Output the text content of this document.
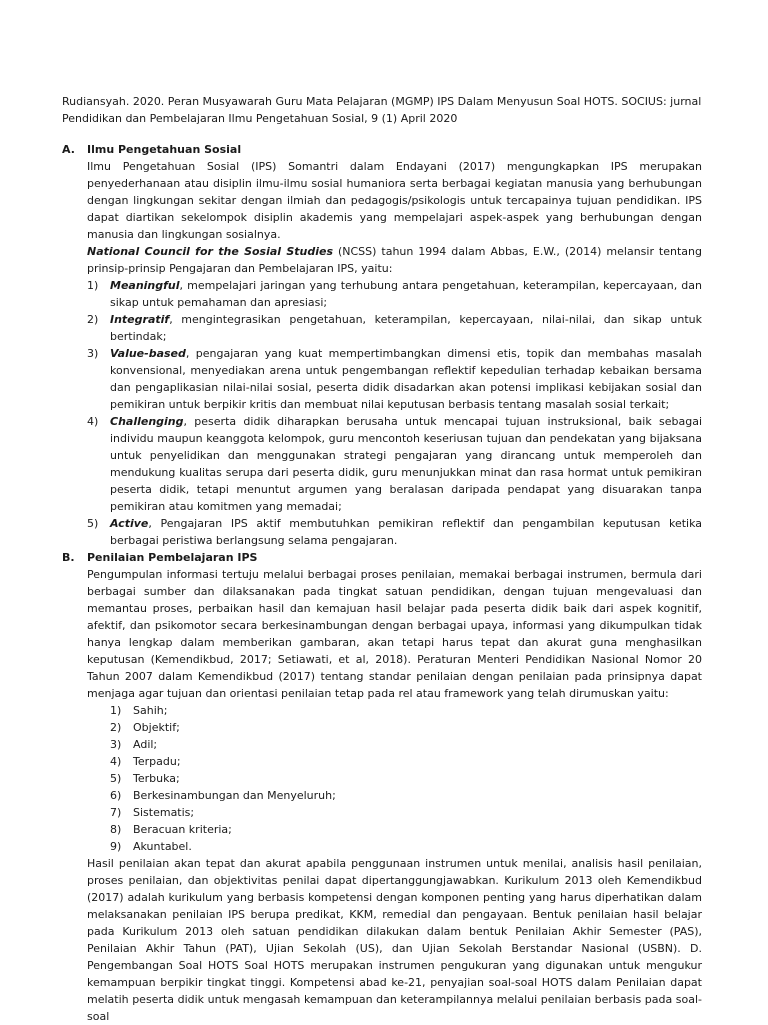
Rudiansyah. 2020. Peran Musyawarah Guru Mata Pelajaran (MGMP) IPS Dalam Menyusun Soal HOTS. SOCIUS: jurnal Pendidikan dan Pembelajaran Ilmu Pengetahuan Sosial, 9 (1) April 2020
A.	Ilmu Pengetahuan Sosial

Ilmu Pengetahuan Sosial (IPS) Somantri dalam Endayani (2017) mengungkapkan IPS merupakan penyederhanaan atau disiplin ilmu-ilmu sosial humaniora serta berbagai kegiatan manusia yang berhubungan dengan lingkungan sekitar dengan ilmiah dan pedagogis/psikologis untuk tercapainya tujuan pendidikan. IPS dapat diartikan sekelompok disiplin akademis yang mempelajari aspek-aspek yang berhubungan dengan manusia dan lingkungan sosialnya.

National Council for the Sosial Studies (NCSS) tahun 1994 dalam Abbas, E.W., (2014) melansir tentang prinsip-prinsip Pengajaran dan Pembelajaran IPS, yaitu:

1)	Meaningful, mempelajari jaringan yang terhubung antara pengetahuan, keterampilan, kepercayaan, dan sikap untuk pemahaman dan apresiasi;
2)	Integratif, mengintegrasikan pengetahuan, keterampilan, kepercayaan, nilai-nilai, dan sikap untuk bertindak;
3)	Value-based, pengajaran yang kuat mempertimbangkan dimensi etis, topik dan membahas masalah konvensional, menyediakan arena untuk pengembangan reflektif kepedulian terhadap kebaikan bersama dan pengaplikasian nilai-nilai sosial, peserta didik disadarkan akan potensi implikasi kebijakan sosial dan pemikiran untuk berpikir kritis dan membuat nilai keputusan berbasis tentang masalah sosial terkait;
4)	Challenging, peserta didik diharapkan berusaha untuk mencapai tujuan instruksional, baik sebagai individu maupun keanggota kelompok, guru mencontoh keseriusan tujuan dan pendekatan yang bijaksana untuk penyelidikan dan menggunakan strategi pengajaran yang dirancang untuk memperoleh dan mendukung kualitas serupa dari peserta didik, guru menunjukkan minat dan rasa hormat untuk pemikiran peserta didik, tetapi menuntut argumen yang beralasan daripada pendapat yang disuarakan tanpa pemikiran atau komitmen yang memadai;
5)	Active, Pengajaran IPS aktif membutuhkan pemikiran reflektif dan pengambilan keputusan ketika berbagai peristiwa berlangsung selama pengajaran.
B.	Penilaian Pembelajaran IPS

Pengumpulan informasi tertuju melalui berbagai proses penilaian, memakai berbagai instrumen, bermula dari berbagai sumber dan dilaksanakan pada tingkat satuan pendidikan, dengan tujuan mengevaluasi dan memantau proses, perbaikan hasil dan kemajuan hasil belajar pada peserta didik baik dari aspek kognitif, afektif, dan psikomotor secara berkesinambungan dengan berbagai upaya, informasi yang dikumpulkan tidak hanya lengkap dalam memberikan gambaran, akan tetapi harus tepat dan akurat guna menghasilkan keputusan (Kemendikbud, 2017; Setiawati, et al, 2018). Peraturan Menteri Pendidikan Nasional Nomor 20 Tahun 2007 dalam Kemendikbud (2017) tentang standar penilaian dengan penilaian pada prinsipnya dapat menjaga agar tujuan dan orientasi penilaian tetap pada rel atau framework yang telah dirumuskan yaitu:

1)	Sahih;
2)	Objektif;
3)	Adil;
4)	Terpadu;
5)	Terbuka;
6)	Berkesinambungan dan Menyeluruh;
7)	Sistematis;
8)	Beracuan kriteria;
9)	Akuntabel.

Hasil penilaian akan tepat dan akurat apabila penggunaan instrumen untuk menilai, analisis hasil penilaian, proses penilaian, dan objektivitas penilai dapat dipertanggungjawabkan. Kurikulum 2013 oleh Kemendikbud (2017) adalah kurikulum yang berbasis kompetensi dengan komponen penting yang harus diperhatikan dalam melaksanakan penilaian IPS berupa predikat, KKM, remedial dan pengayaan. Bentuk penilaian hasil belajar pada Kurikulum 2013 oleh satuan pendidikan dilakukan dalam bentuk Penilaian Akhir Semester (PAS), Penilaian Akhir Tahun (PAT), Ujian Sekolah (US), dan Ujian Sekolah Berstandar Nasional (USBN). D. Pengembangan Soal HOTS Soal HOTS merupakan instrumen pengukuran yang digunakan untuk mengukur kemampuan berpikir tingkat tinggi. Kompetensi abad ke-21, penyajian soal-soal HOTS dalam Penilaian dapat melatih peserta didik untuk mengasah kemampuan dan keterampilannya melalui penilaian berbasis pada soal-soal
